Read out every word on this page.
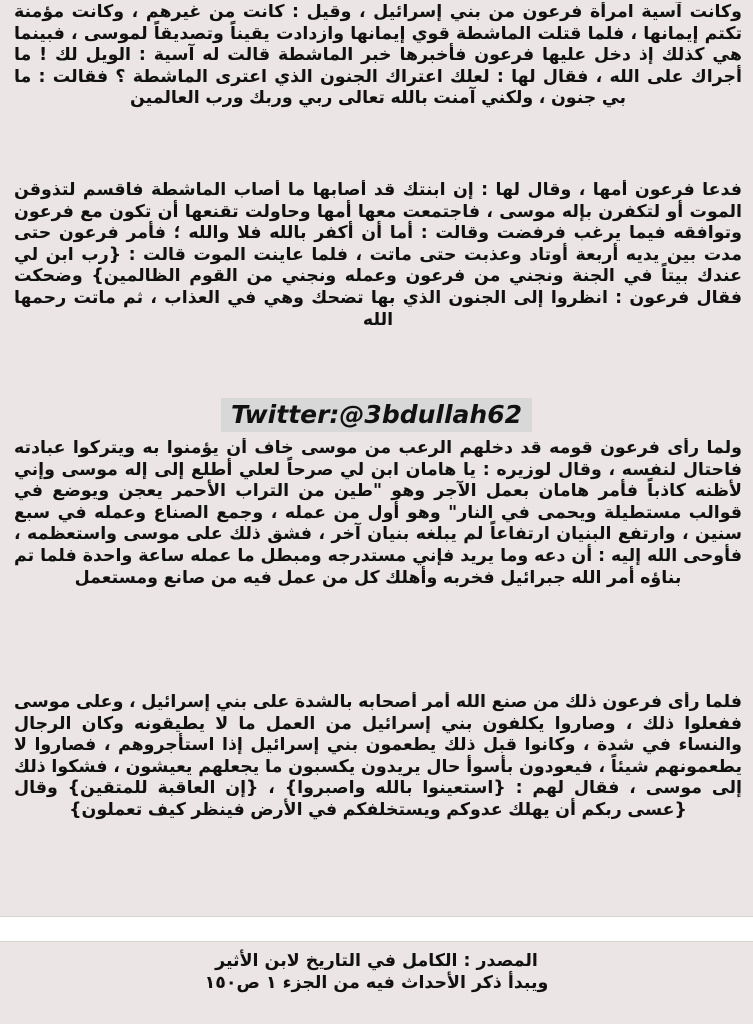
وكانت آسية امرأة فرعون من بني إسرائيل ، وقيل : كانت من غيرهم ، وكانت مؤمنة تكتم إيمانها ، فلما قتلت الماشطة قوي إيمانها وازدادت يقيناً وتصديقاً لموسى ، فبينما هي كذلك إذ دخل عليها فرعون فأخبرها خبر الماشطة قالت له آسية : الويل لك ! ما أجراك على الله ، فقال لها : لعلك اعتراك الجنون الذي اعترى الماشطة ؟ فقالت : ما بي جنون ، ولكني آمنت بالله تعالى ربي وربك ورب العالمين

فدعا فرعون أمها ، وقال لها : إن ابنتك قد أصابها ما أصاب الماشطة فاقسم لتذوقن الموت أو لتكفرن بإله موسى ، فاجتمعت معها أمها وحاولت تقنعها أن تكون مع فرعون وتوافقه فيما يرغب فرفضت وقالت : أما أن أكفر بالله فلا والله ؛ فأمر فرعون حتى مدت بين يديه أربعة أوتاد وعذبت حتى ماتت ، فلما عاينت الموت قالت : {رب ابن لي عندك بيتاً في الجنة ونجني من فرعون وعمله ونجني من القوم الظالمين} وضحكت فقال فرعون : انظروا إلى الجنون الذي بها تضحك وهي في العذاب ، ثم ماتت رحمها الله

Twitter:@3bdullah62

ولما رأى فرعون قومه قد دخلهم الرعب من موسى خاف أن يؤمنوا به ويتركوا عبادته فاحتال لنفسه ، وقال لوزيره : يا هامان ابن لي صرحاً لعلي أطلع إلى إله موسى وإني لأظنه كاذباً فأمر هامان بعمل الآجر وهو "طين من التراب الأحمر يعجن ويوضع في قوالب مستطيلة ويحمى في النار" وهو أول من عمله ، وجمع الصناع وعمله في سبع سنين ، وارتفع البنيان ارتفاعاً لم يبلغه بنيان آخر ، فشق ذلك على موسى واستعظمه ، فأوحى الله إليه : أن دعه وما يريد فإني مستدرجه ومبطل ما عمله ساعة واحدة فلما تم بناؤه أمر الله جبرائيل فخربه وأهلك كل من عمل فيه من صانع ومستعمل

فلما رأى فرعون ذلك من صنع الله أمر أصحابه بالشدة على بني إسرائيل ، وعلى موسى ففعلوا ذلك ، وصاروا يكلفون بني إسرائيل من العمل ما لا يطيقونه وكان الرجال والنساء في شدة ، وكانوا قبل ذلك يطعمون بني إسرائيل إذا استأجروهم ، فصاروا لا يطعمونهم شيئاً ، فيعودون بأسوأ حال يريدون يكسبون ما يجعلهم يعيشون ، فشكوا ذلك إلى موسى ، فقال لهم : {استعينوا بالله واصبروا} ، {إن العاقبة للمتقين} وقال {عسى ربكم أن يهلك عدوكم ويستخلفكم في الأرض فينظر كيف تعملون}

المصدر : الكامل في التاريخ لابن الأثير

ويبدأ ذكر الأحداث فيه من الجزء ١ ص١٥٠
